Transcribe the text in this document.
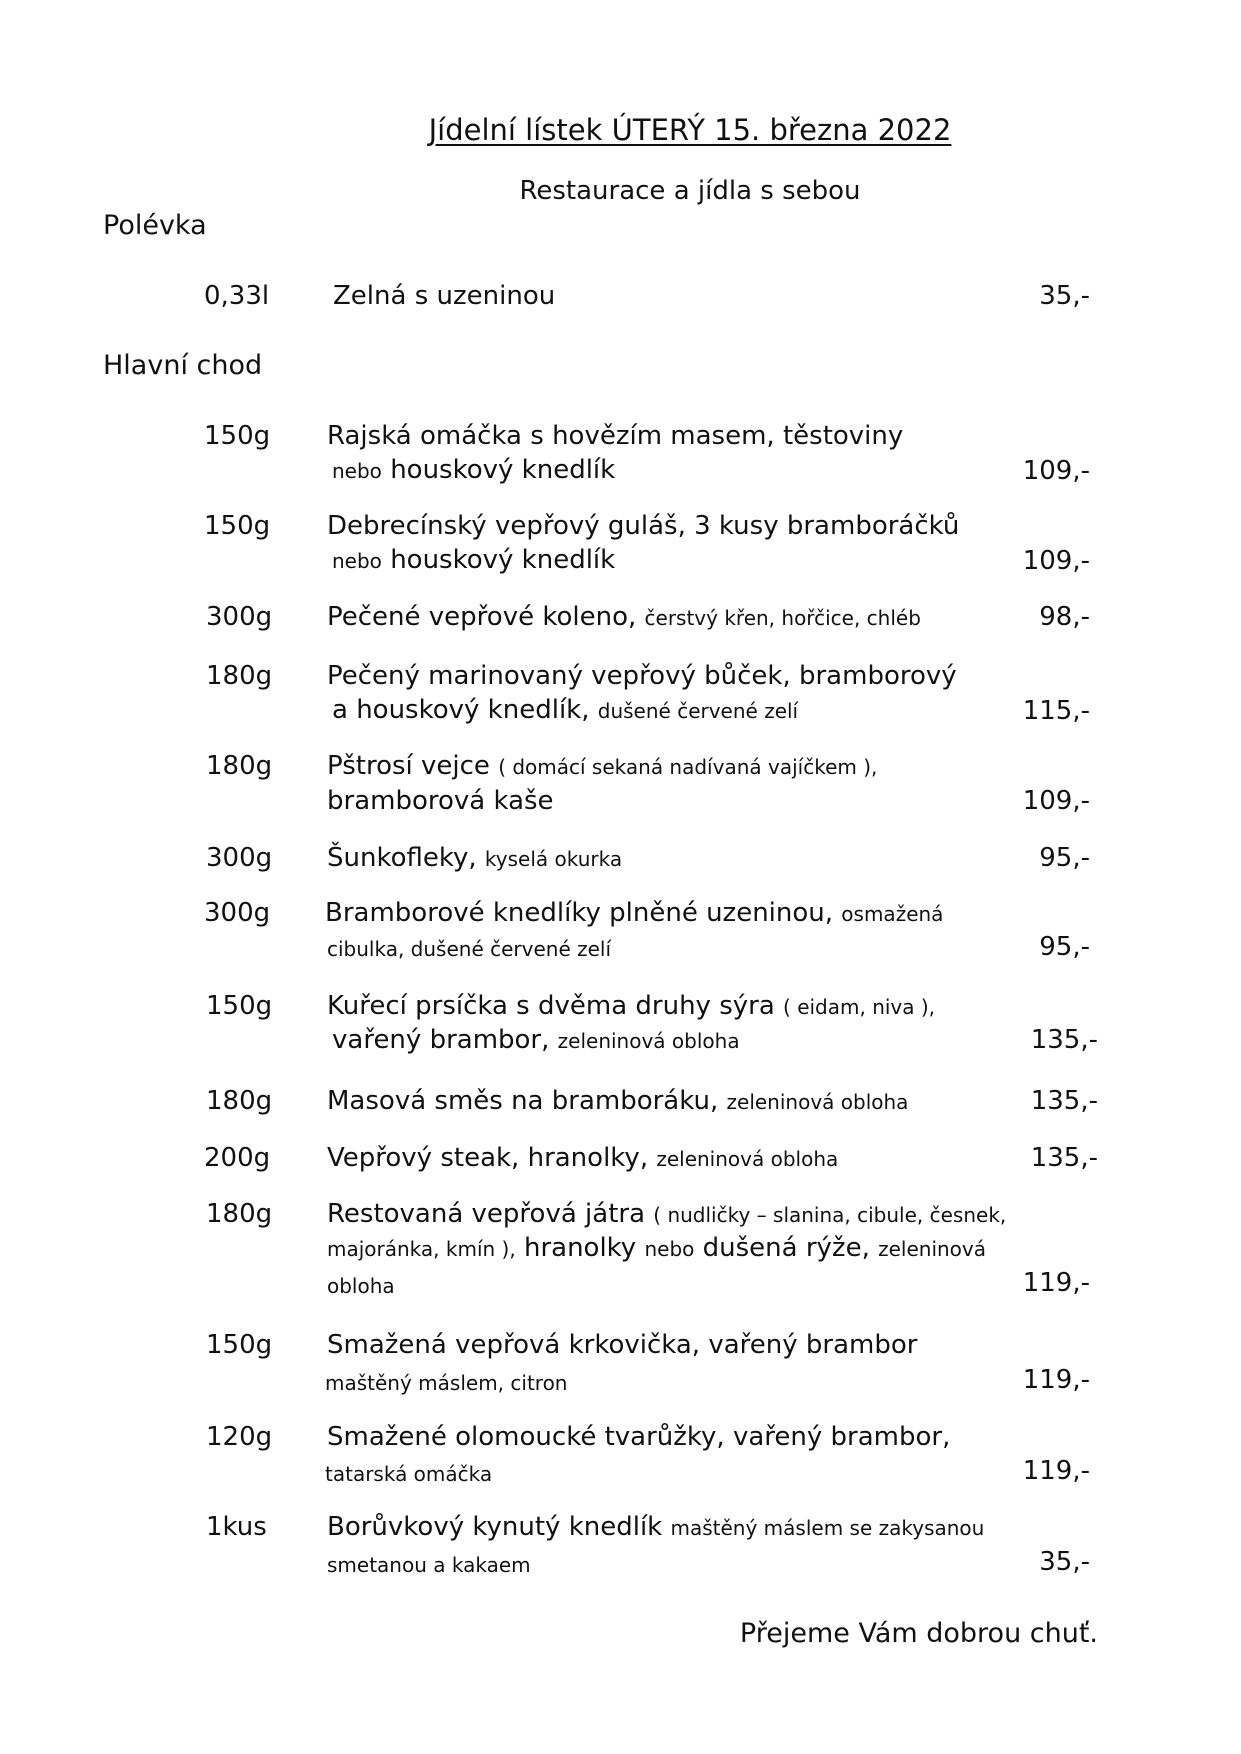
Jídelní lístek ÚTERÝ 15. března 2022
Restaurace a jídla s sebou
Polévka
0,33l Zelná s uzeninou	35,-
Hlavní chod
150g Rajská omáčka s hovězím masem, těstoviny
nebo houskový knedlík	109,-
150g Debrecínský vepřový guláš, 3 kusy bramboráčků
nebo houskový knedlík	109,-
300g Pečené vepřové koleno, čerstvý křen, hořčice, chléb	98,-
180g Pečený marinovaný vepřový bůček, bramborový
a houskový knedlík, dušené červené zelí	115,-
180g Pštrosí vejce ( domácí sekaná nadívaná vajíčkem ),
bramborová kaše	109,-
300g Šunkofleky, kyselá okurka	95,-
300g Bramborové knedlíky plněné uzeninou, osmažená
cibulka, dušené červené zelí	95,-
150g Kuřecí prsíčka s dvěma druhy sýra ( eidam, niva ),
vařený brambor, zeleninová obloha	135,-
180g Masová směs na bramboráku, zeleninová obloha	135,-
200g Vepřový steak, hranolky, zeleninová obloha	135,-
180g Restovaná vepřová játra ( nudličky – slanina, cibule, česnek,
majoránka, kmín ), hranolky nebo dušená rýže, zeleninová
obloha	119,-
150g Smažená vepřová krkovička, vařený brambor
maštěný máslem, citron	119,-
120g Smažené olomoucké tvarůžky, vařený brambor,
tatarská omáčka	119,-
1kus Borůvkový kynutý knedlík maštěný máslem se zakysanou
smetanou a kakaem	35,-
Přejeme Vám dobrou chuť.
